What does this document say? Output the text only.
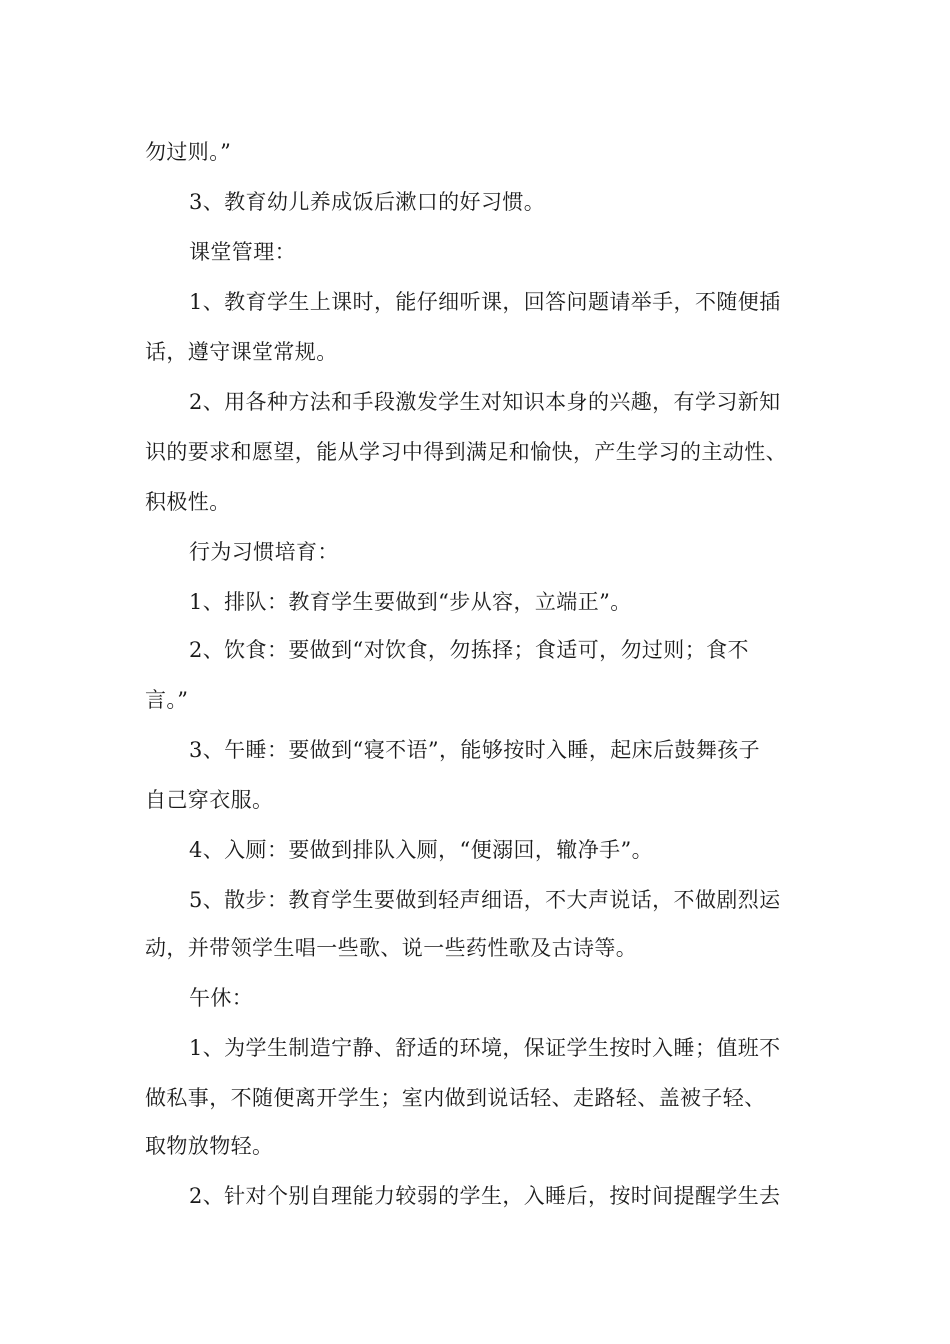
勿过则。”
3、教育幼儿养成饭后漱口的好习惯。
课堂管理：
1、教育学生上课时，能仔细听课，回答问题请举手，不随便插
话，遵守课堂常规。
2、用各种方法和手段激发学生对知识本身的兴趣，有学习新知
识的要求和愿望，能从学习中得到满足和愉快，产生学习的主动性、
积极性。
行为习惯培育：
1、排队：教育学生要做到“步从容，立端正”。
2、饮食：要做到“对饮食，勿拣择；食适可，勿过则；食不
言。”
3、午睡：要做到“寝不语”，能够按时入睡，起床后鼓舞孩子
自己穿衣服。
4、入厕：要做到排队入厕，“便溺回，辙净手”。
5、散步：教育学生要做到轻声细语，不大声说话，不做剧烈运
动，并带领学生唱一些歌、说一些药性歌及古诗等。
午休：
1、为学生制造宁静、舒适的环境，保证学生按时入睡；值班不
做私事，不随便离开学生；室内做到说话轻、走路轻、盖被子轻、
取物放物轻。
2、针对个别自理能力较弱的学生，入睡后，按时间提醒学生去
